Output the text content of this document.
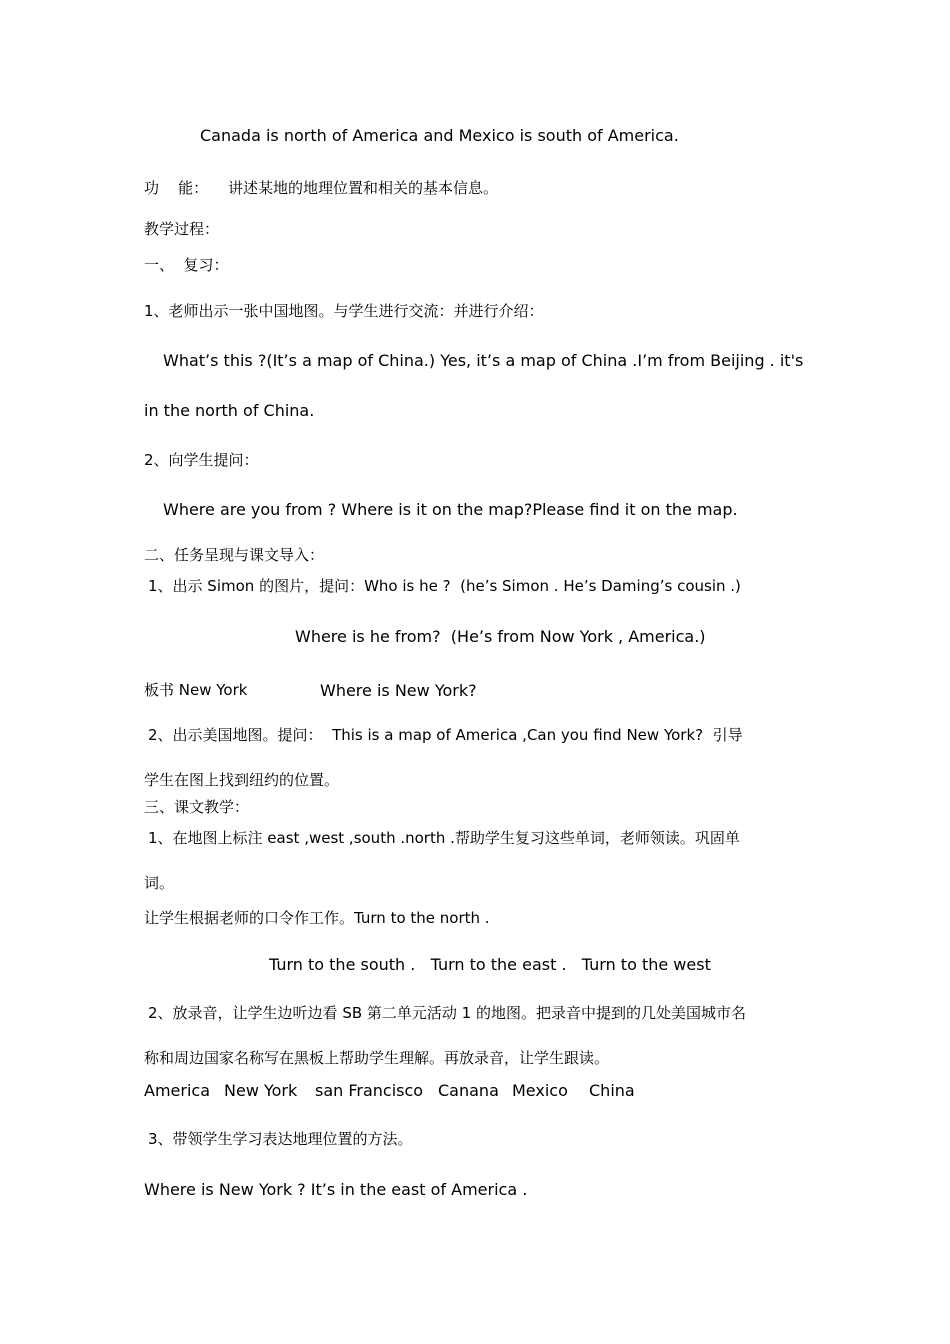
Canada is north of America and Mexico is south of America.
功    能： 讲述某地的地理位置和相关的基本信息。
教学过程：
一、  复习：
1、老师出示一张中国地图。与学生进行交流：并进行介绍：
What’s this ?(It’s a map of China.) Yes, it’s a map of China .I’m from Beijing . it's
in the north of China.
2、向学生提问：
Where are you from ? Where is it on the map?Please find it on the map.
二、任务呈现与课文导入：
1、出示 Simon 的图片，提问：Who is he ?  (he’s Simon . He’s Daming’s cousin .)
Where is he from?  (He’s from Now York , America.)
板书 New York	Where is New York?
2、出示美国地图。提问：  This is a map of America ,Can you find New York?  引导
学生在图上找到纽约的位置。
三、课文教学：
1、在地图上标注 east ,west ,south .north .帮助学生复习这些单词，老师领读。巩固单
词。
让学生根据老师的口令作工作。Turn to the north .
Turn to the south .   Turn to the east .   Turn to the west
2、放录音，让学生边听边看 SB 第二单元活动 1 的地图。把录音中提到的几处美国城市名
称和周边国家名称写在黑板上帮助学生理解。再放录音，让学生跟读。
America New York san Francisco Canana Mexico China
3、带领学生学习表达地理位置的方法。
Where is New York ? It’s in the east of America .
